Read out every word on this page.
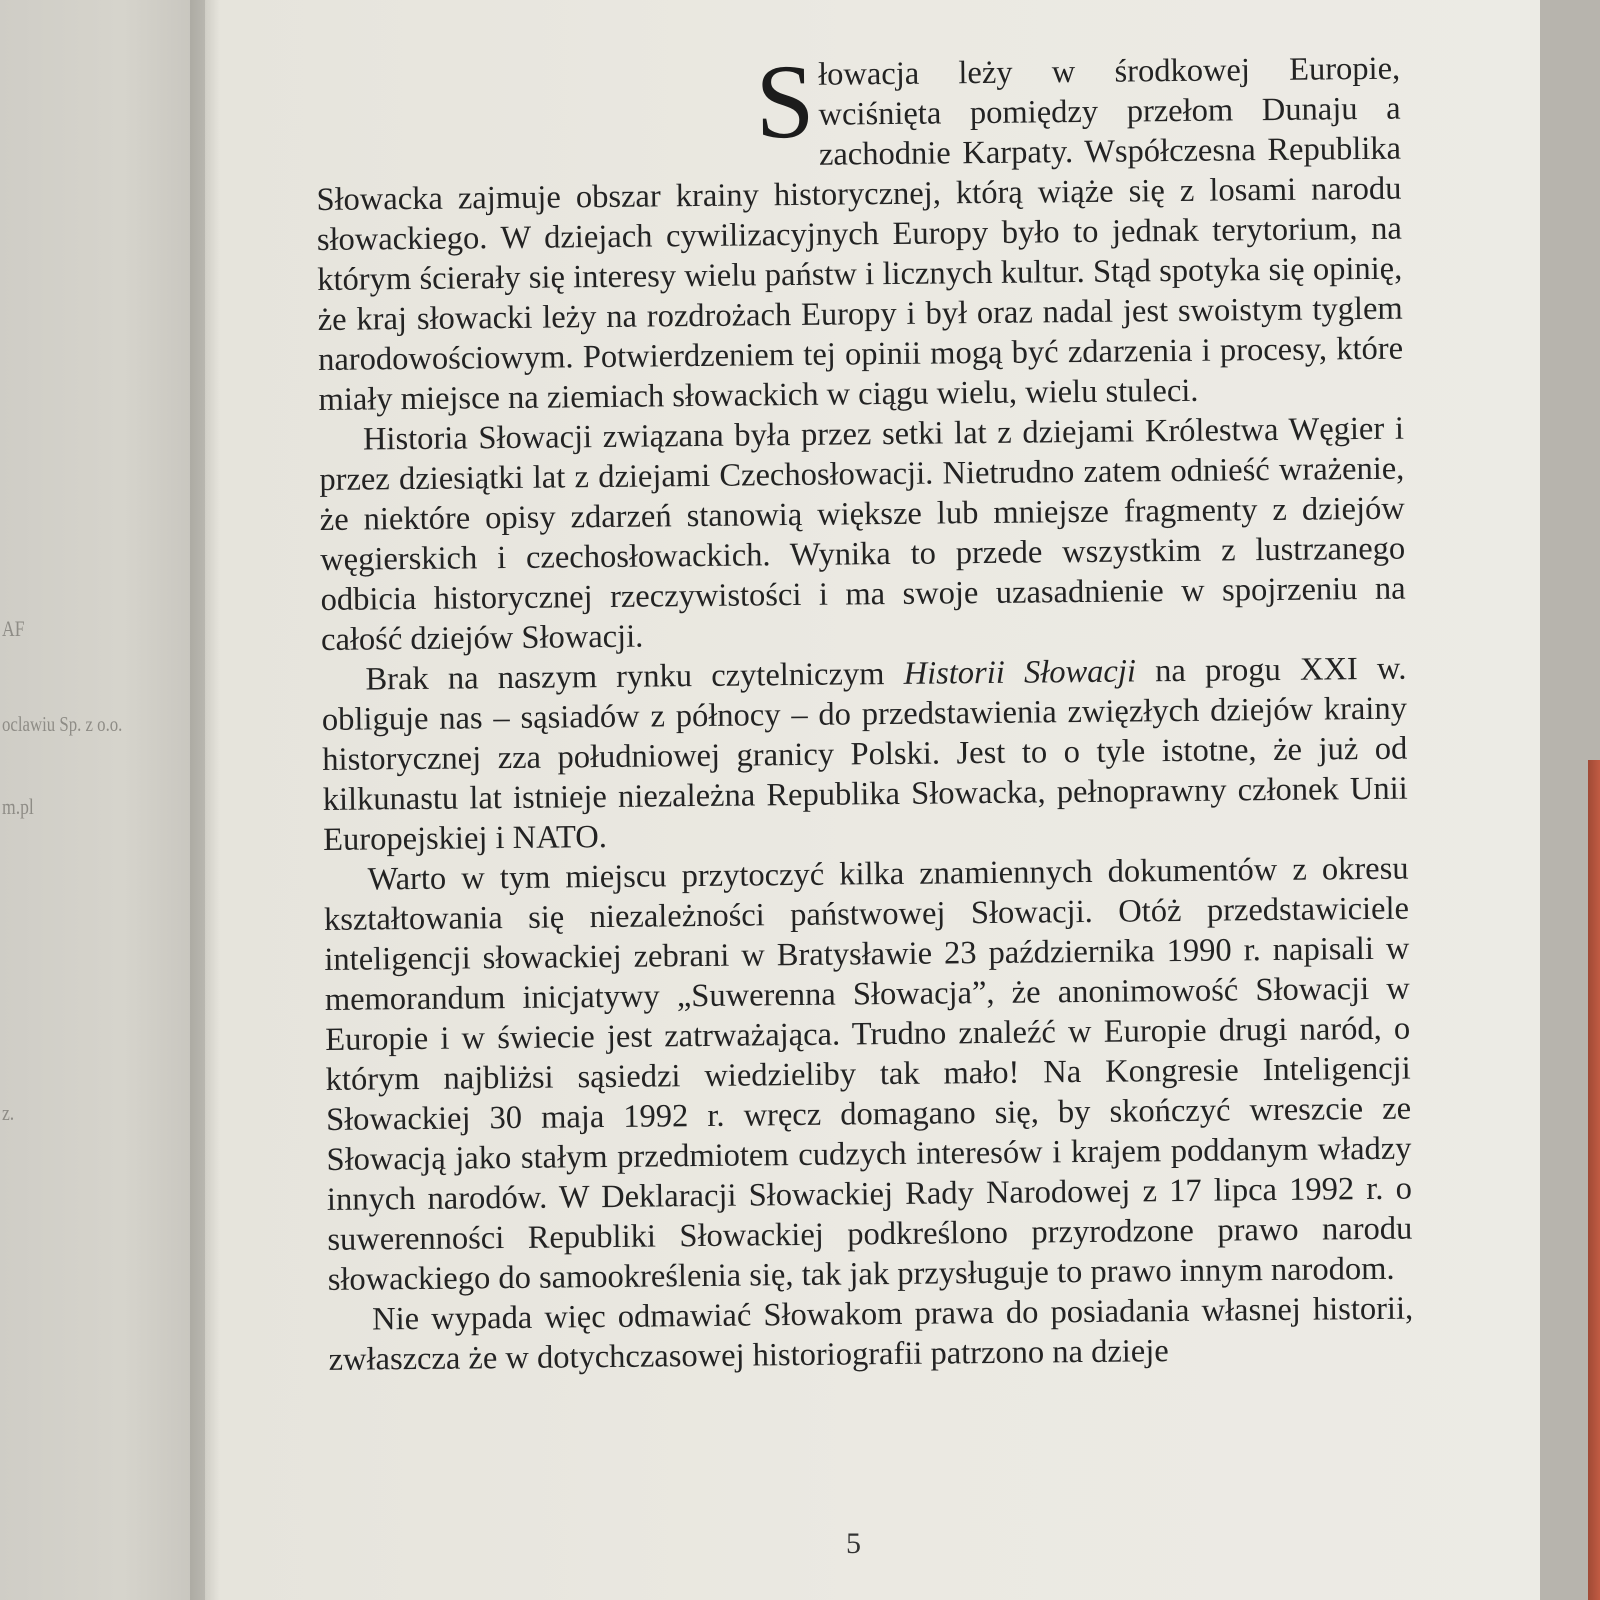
AF
oclawiu Sp. z o.o.
m.pl
z.

Słowacja leży w środkowej Europie, wciśnięta pomiędzy przełom Dunaju a zachodnie Karpaty. Współczesna Republika Słowacka zajmuje obszar krainy historycznej, którą wiąże się z losami narodu słowackiego. W dziejach cywilizacyjnych Europy było to jednak terytorium, na którym ścierały się interesy wielu państw i licznych kultur. Stąd spotyka się opinię, że kraj słowacki leży na rozdrożach Europy i był oraz nadal jest swoistym tyglem narodowościowym. Potwierdzeniem tej opinii mogą być zdarzenia i procesy, które miały miejsce na ziemiach słowackich w ciągu wielu, wielu stuleci.

Historia Słowacji związana była przez setki lat z dziejami Królestwa Węgier i przez dziesiątki lat z dziejami Czechosłowacji. Nietrudno zatem odnieść wrażenie, że niektóre opisy zdarzeń stanowią większe lub mniejsze fragmenty z dziejów węgierskich i czechosłowackich. Wynika to przede wszystkim z lustrzanego odbicia historycznej rzeczywistości i ma swoje uzasadnienie w spojrzeniu na całość dziejów Słowacji.

Brak na naszym rynku czytelniczym Historii Słowacji na progu XXI w. obliguje nas – sąsiadów z północy – do przedstawienia zwięzłych dziejów krainy historycznej zza południowej granicy Polski. Jest to o tyle istotne, że już od kilkunastu lat istnieje niezależna Republika Słowacka, pełnoprawny członek Unii Europejskiej i NATO.

Warto w tym miejscu przytoczyć kilka znamiennych dokumentów z okresu kształtowania się niezależności państwowej Słowacji. Otóż przedstawiciele inteligencji słowackiej zebrani w Bratysławie 23 października 1990 r. napisali w memorandum inicjatywy „Suwerenna Słowacja”, że anonimowość Słowacji w Europie i w świecie jest zatrważająca. Trudno znaleźć w Europie drugi naród, o którym najbliżsi sąsiedzi wiedzieliby tak mało! Na Kongresie Inteligencji Słowackiej 30 maja 1992 r. wręcz domagano się, by skończyć wreszcie ze Słowacją jako stałym przedmiotem cudzych interesów i krajem poddanym władzy innych narodów. W Deklaracji Słowackiej Rady Narodowej z 17 lipca 1992 r. o suwerenności Republiki Słowackiej podkreślono przyrodzone prawo narodu słowackiego do samookreślenia się, tak jak przysługuje to prawo innym narodom.

Nie wypada więc odmawiać Słowakom prawa do posiadania własnej historii, zwłaszcza że w dotychczasowej historiografii patrzono na dzieje

5
